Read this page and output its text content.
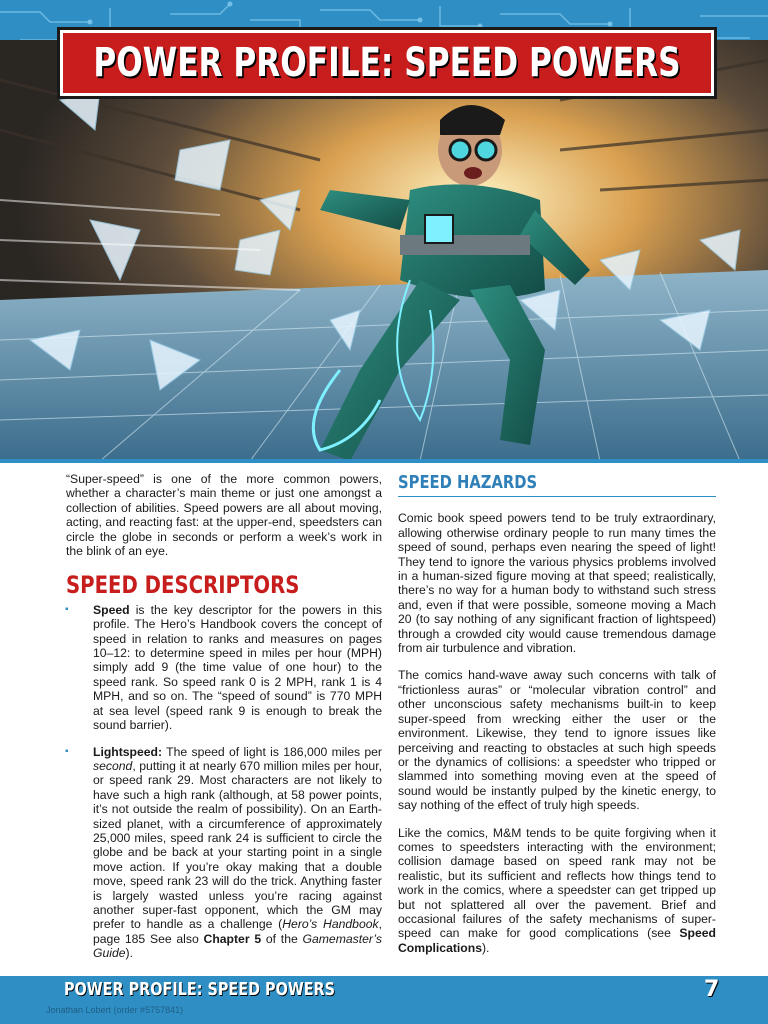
POWER PROFILE: SPEED POWERS

“Super-speed” is one of the more common powers, whether a character’s main theme or just one amongst a collection of abilities. Speed powers are all about moving, acting, and reacting fast: at the upper-end, speedsters can circle the globe in seconds or perform a week’s work in the blink of an eye.

SPEED DESCRIPTORS
▪ Speed is the key descriptor for the powers in this profile. The Hero’s Handbook covers the concept of speed in relation to ranks and measures on pages 10–12: to determine speed in miles per hour (MPH) simply add 9 (the time value of one hour) to the speed rank. So speed rank 0 is 2 MPH, rank 1 is 4 MPH, and so on. The “speed of sound” is 770 MPH at sea level (speed rank 9 is enough to break the sound barrier).
▪ Lightspeed: The speed of light is 186,000 miles per second, putting it at nearly 670 million miles per hour, or speed rank 29. Most characters are not likely to have such a high rank (although, at 58 power points, it’s not outside the realm of possibility). On an Earth-sized planet, with a circumference of approximately 25,000 miles, speed rank 24 is sufficient to circle the globe and be back at your starting point in a single move action. If you’re okay making that a double move, speed rank 23 will do the trick. Anything faster is largely wasted unless you’re racing against another super-fast opponent, which the GM may prefer to handle as a challenge (Hero’s Handbook, page 185 See also Chapter 5 of the Gamemaster’s Guide).
SPEED HAZARDS

Comic book speed powers tend to be truly extraordinary, allowing otherwise ordinary people to run many times the speed of sound, perhaps even nearing the speed of light! They tend to ignore the various physics problems involved in a human-sized figure moving at that speed; realistically, there’s no way for a human body to withstand such stress and, even if that were possible, someone moving a Mach 20 (to say nothing of any significant fraction of lightspeed) through a crowded city would cause tremendous damage from air turbulence and vibration.

The comics hand-wave away such concerns with talk of “frictionless auras” or “molecular vibration control” and other unconscious safety mechanisms built-in to keep super-speed from wrecking either the user or the environment. Likewise, they tend to ignore issues like perceiving and reacting to obstacles at such high speeds or the dynamics of collisions: a speedster who tripped or slammed into something moving even at the speed of sound would be instantly pulped by the kinetic energy, to say nothing of the effect of truly high speeds.

Like the comics, M&M tends to be quite forgiving when it comes to speedsters interacting with the environment; collision damage based on speed rank may not be realistic, but its sufficient and reflects how things tend to work in the comics, where a speedster can get tripped up but not splattered all over the pavement. Brief and occasional failures of the safety mechanisms of super-speed can make for good complications (see Speed Complications).

POWER PROFILE: SPEED POWERS	7
Jonathan Lobert (order #5757841)
